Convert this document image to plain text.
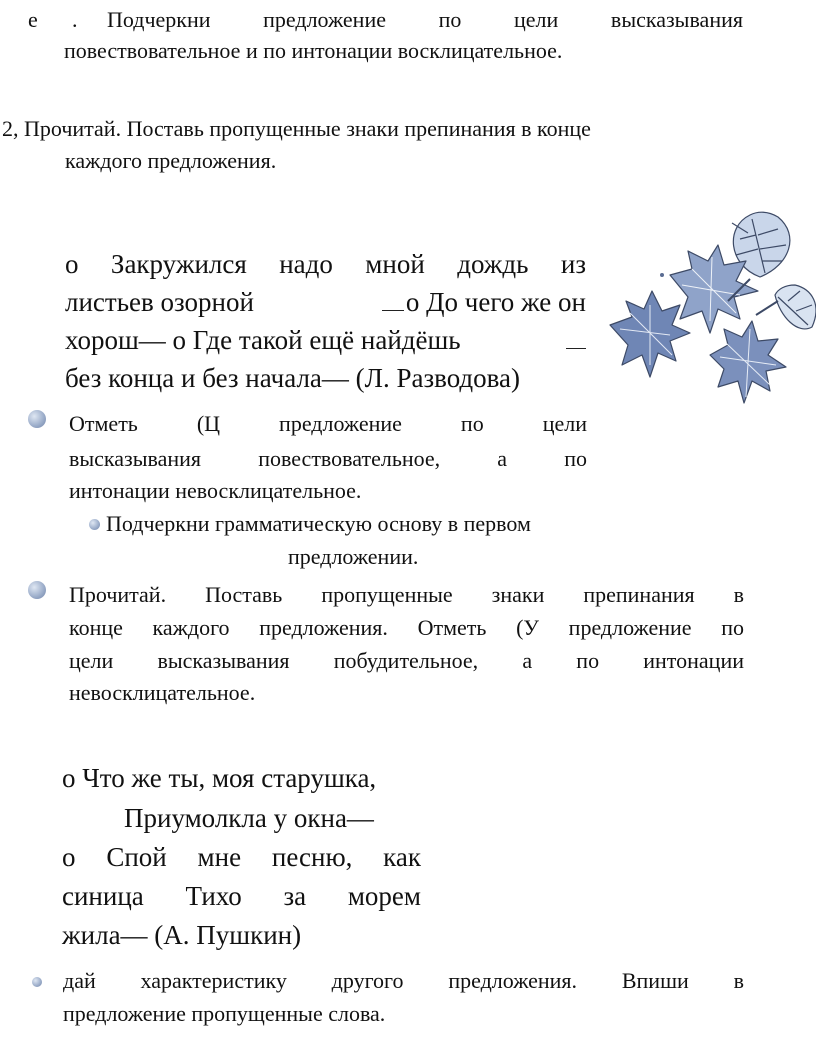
е . Подчеркни предложение по цели высказывания
повествовательное и по интонации восклицательное.
2, Прочитай. Поставь пропущенные знаки препинания в конце
каждого предложения.
о Закружился надо мной дождь из
листьев озорной	о До чего же он
хорош— о Где такой ещё найдёшь
без конца и без начала— (Л. Разводова)
Отметь (Ц предложение по цели
высказывания повествовательное, а по
интонации невосклицательное.
Подчеркни грамматическую основу в первом
предложении.
Прочитай. Поставь пропущенные знаки препинания в
конце каждого предложения. Отметь (У предложение по
цели высказывания побудительное, а по интонации
невосклицательное.
о Что же ты, моя старушка,
Приумолкла у окна—
о Спой мне песню, как
синица Тихо за морем
жила— (А. Пушкин)
дай характеристику другого предложения. Впиши в
предложение пропущенные слова.
